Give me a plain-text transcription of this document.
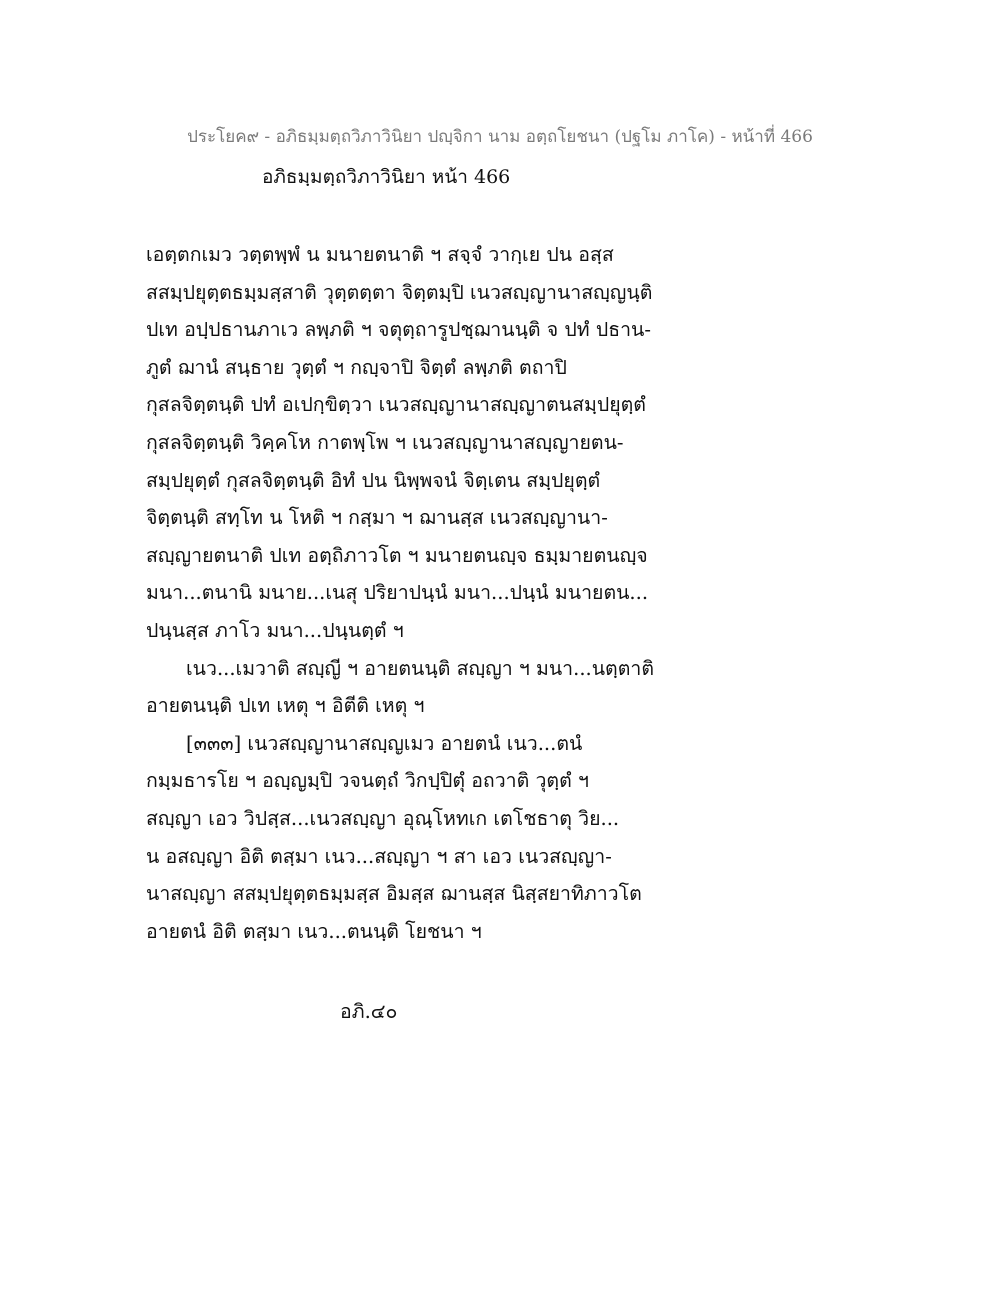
ประโยค๙ - อภิธมฺมตฺถวิภาวินิยา ปญฺจิกา นาม อตฺถโยชนา (ปฐโม ภาโค) - หน้าที่ 466
อภิธมฺมตฺถวิภาวินิยา หน้า 466
เอตฺตกเมว วตฺตพฺพํ น มนายตนาติ ฯ สจฺจํ วากฺเย ปน อสฺส
สสมฺปยุตฺตธมฺมสฺสาติ วุตฺตตฺตา จิตฺตมฺปิ เนวสญฺญานาสญฺญนฺติ
ปเท อปฺปธานภาเว ลพฺภติ ฯ จตุตฺถารูปชฺฌานนฺติ จ ปทํ ปธาน-
ภูตํ ฌานํ สนฺธาย วุตฺตํ ฯ กญฺจาปิ จิตฺตํ ลพฺภติ ตถาปิ
กุสลจิตฺตนฺติ ปทํ อเปกฺขิตฺวา เนวสญฺญานาสญฺญาตนสมฺปยุตฺตํ
กุสลจิตฺตนฺติ วิคฺคโห กาตพฺโพ ฯ เนวสญฺญานาสญฺญายตน-
สมฺปยุตฺตํ กุสลจิตฺตนฺติ อิทํ ปน นิพฺพจนํ จิตฺเตน สมฺปยุตฺตํ
จิตฺตนฺติ สทฺโท น โหติ ฯ กสฺมา ฯ ฌานสฺส เนวสญฺญานา-
สญฺญายตนาติ ปเท อตฺถิภาวโต ฯ มนายตนญฺจ ธมฺมายตนญฺจ
มนา...ตนานิ มนาย...เนสุ ปริยาปนฺนํ มนา...ปนฺนํ มนายตน...
ปนฺนสฺส ภาโว มนา...ปนฺนตฺตํ ฯ
เนว...เมวาติ สญฺญี ฯ อายตนนฺติ สญฺญา ฯ มนา...นตฺตาติ
อายตนนฺติ ปเท เหตุ ฯ อิตีติ เหตุ ฯ
[๓๓๓] เนวสญฺญานาสญฺญเมว อายตนํ เนว...ตนํ
กมฺมธารโย ฯ อญฺญมฺปิ วจนตฺถํ วิกปฺปิตุํ อถวาติ วุตฺตํ ฯ
สญฺญา เอว วิปสฺส...เนวสญฺญา อุณฺโหทเก เตโชธาตุ วิย...
น อสญฺญา อิติ ตสฺมา เนว...สญฺญา ฯ สา เอว เนวสญฺญา-
นาสญฺญา สสมฺปยุตฺตธมฺมสฺส อิมสฺส ฌานสฺส นิสฺสยาทิภาวโต
อายตนํ อิติ ตสฺมา เนว...ตนนฺติ โยชนา ฯ
อภิ.๔๐
